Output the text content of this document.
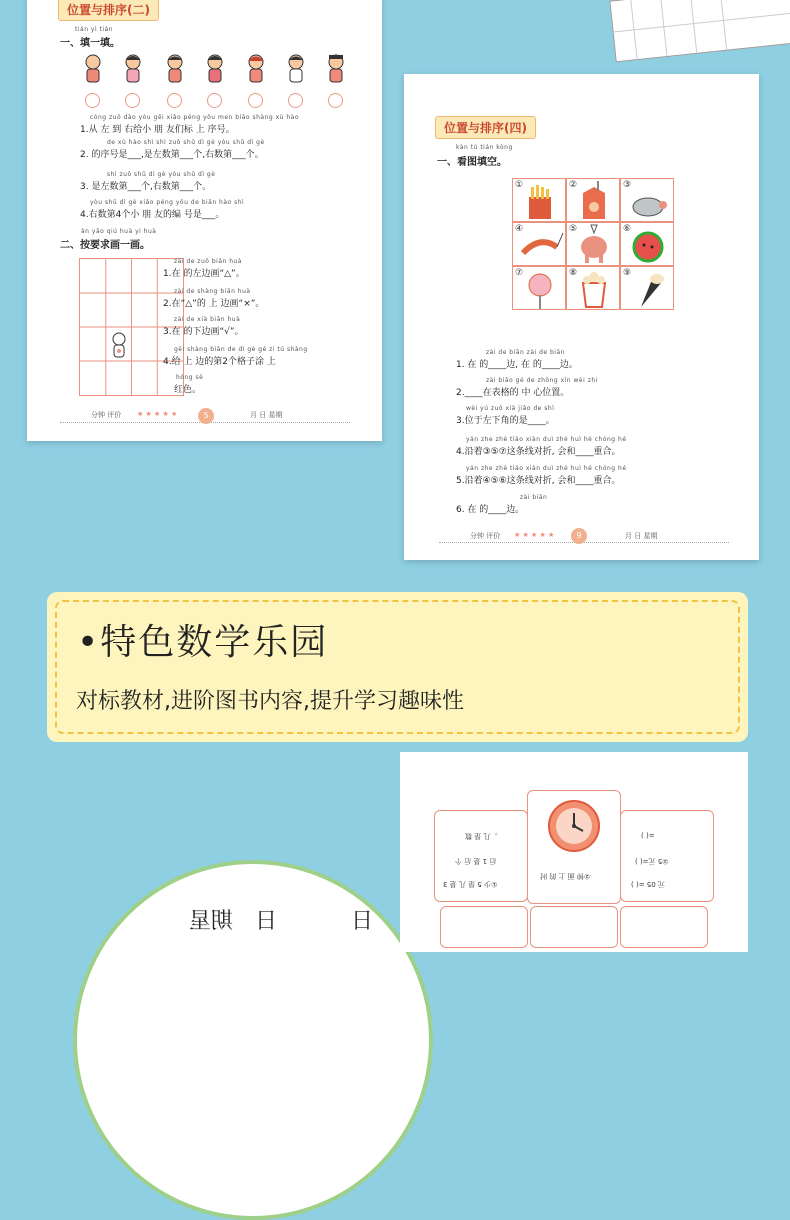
位置与排序(二)
tián yì tián
一、填一填。
cóng zuǒ dào yòu gěi xiǎo péng yǒu men biāo shàng xù hào
1.从 左 到 右给小 朋 友们标 上 序号。
de xù hào shì shì zuǒ shǔ dì gè yòu shǔ dì gè
2. 的序号是___,是左数第___个,右数第___个。
shì zuǒ shǔ dì gè yòu shǔ dì gè
3. 是左数第___个,右数第___个。
yòu shǔ dì gè xiǎo péng yǒu de biān hào shì
4.右数第4个小 朋 友的编 号是___。
àn yāo qiú huà yi huà
二、按要求画一画。
zài de zuǒ biān huà
1.在 的左边画“△”。
zài de shàng biān huà
2.在“△”的 上 边画“×”。
zài de xià biān huà
3.在 的下边画“√”。
gěi shàng biān de dì gè gé zi tú shàng
4.给 上 边的第2个格子涂 上
hóng sè
红色。
分钟 评价 ★ ★ ★ ★ ★	5	月 日 星期
位置与排序(四)
kàn tú tián kòng
一、看图填空。
①	②	③
④	⑤	⑥
⑦	⑧	⑨
zài de biān zài de biān
1. 在 的____边, 在 的____边。
zài biǎo gé de zhōng xīn wèi zhi
2.____在表格的 中 心位置。
wèi yú zuǒ xià jiǎo de shì
3.位于左下角的是____。
yán zhe zhè tiáo xiàn duì zhé huì hé chóng hé
4.沿着③⑤⑦这条线对折, 会和____重合。
yán zhe zhè tiáo xiàn duì zhé huì hé chóng hé
5.沿着④⑤⑥这条线对折, 会和____重合。
zài biān
6. 在 的____边。
分钟 评价 ★ ★ ★ ★ ★	9	月 日 星期
•特色数学乐园
对标教材,进阶图书内容,提升学习趣味性
期星 日	日
。几 是 数
后 1 是 后 个
①少 5 是 几 是 3
②钟 面 上 的 时
=( )
②5 元=( )
元 05 =( )
